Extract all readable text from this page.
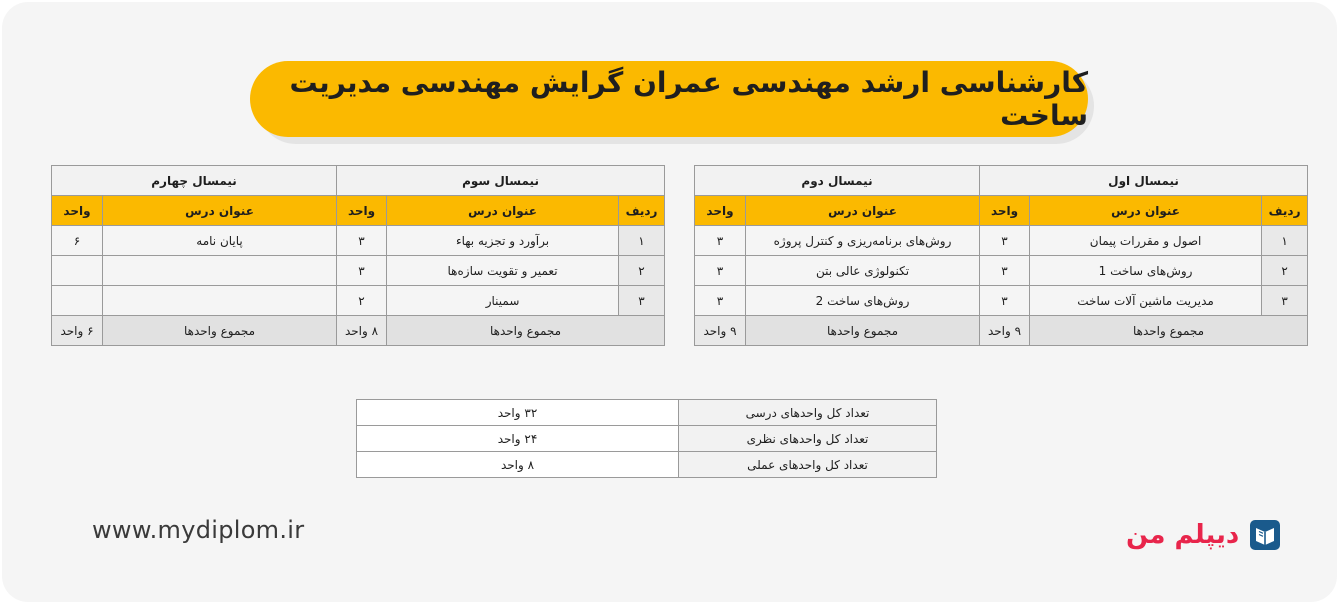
کارشناسی ارشد مهندسی عمران گرایش مهندسی مدیریت ساخت
نیمسال اول			نیمسال دوم	
ردیف	عنوان درس	واحد	عنوان درس	واحد
۱	اصول و مقررات پیمان	۳	روش‌های برنامه‌ریزی و کنترل پروژه	۳
۲	روش‌های ساخت 1	۳	تکنولوژی عالی بتن	۳
۳	مدیریت ماشین آلات ساخت	۳	روش‌های ساخت 2	۳
مجموع واحدها		۹ واحد	مجموع واحدها	۹ واحد
نیمسال سوم			نیمسال چهارم	
ردیف	عنوان درس	واحد	عنوان درس	واحد
۱	برآورد و تجزیه بهاء	۳	پایان نامه	۶
۲	تعمیر و تقویت سازه‌ها	۳		
۳	سمینار	۲		
مجموع واحدها		۸ واحد	مجموع واحدها	۶ واحد
تعداد کل واحدهای درسی	۳۲ واحد
تعداد کل واحدهای نظری	۲۴ واحد
تعداد کل واحدهای عملی	۸ واحد
www.mydiplom.ir	دیپلم من
